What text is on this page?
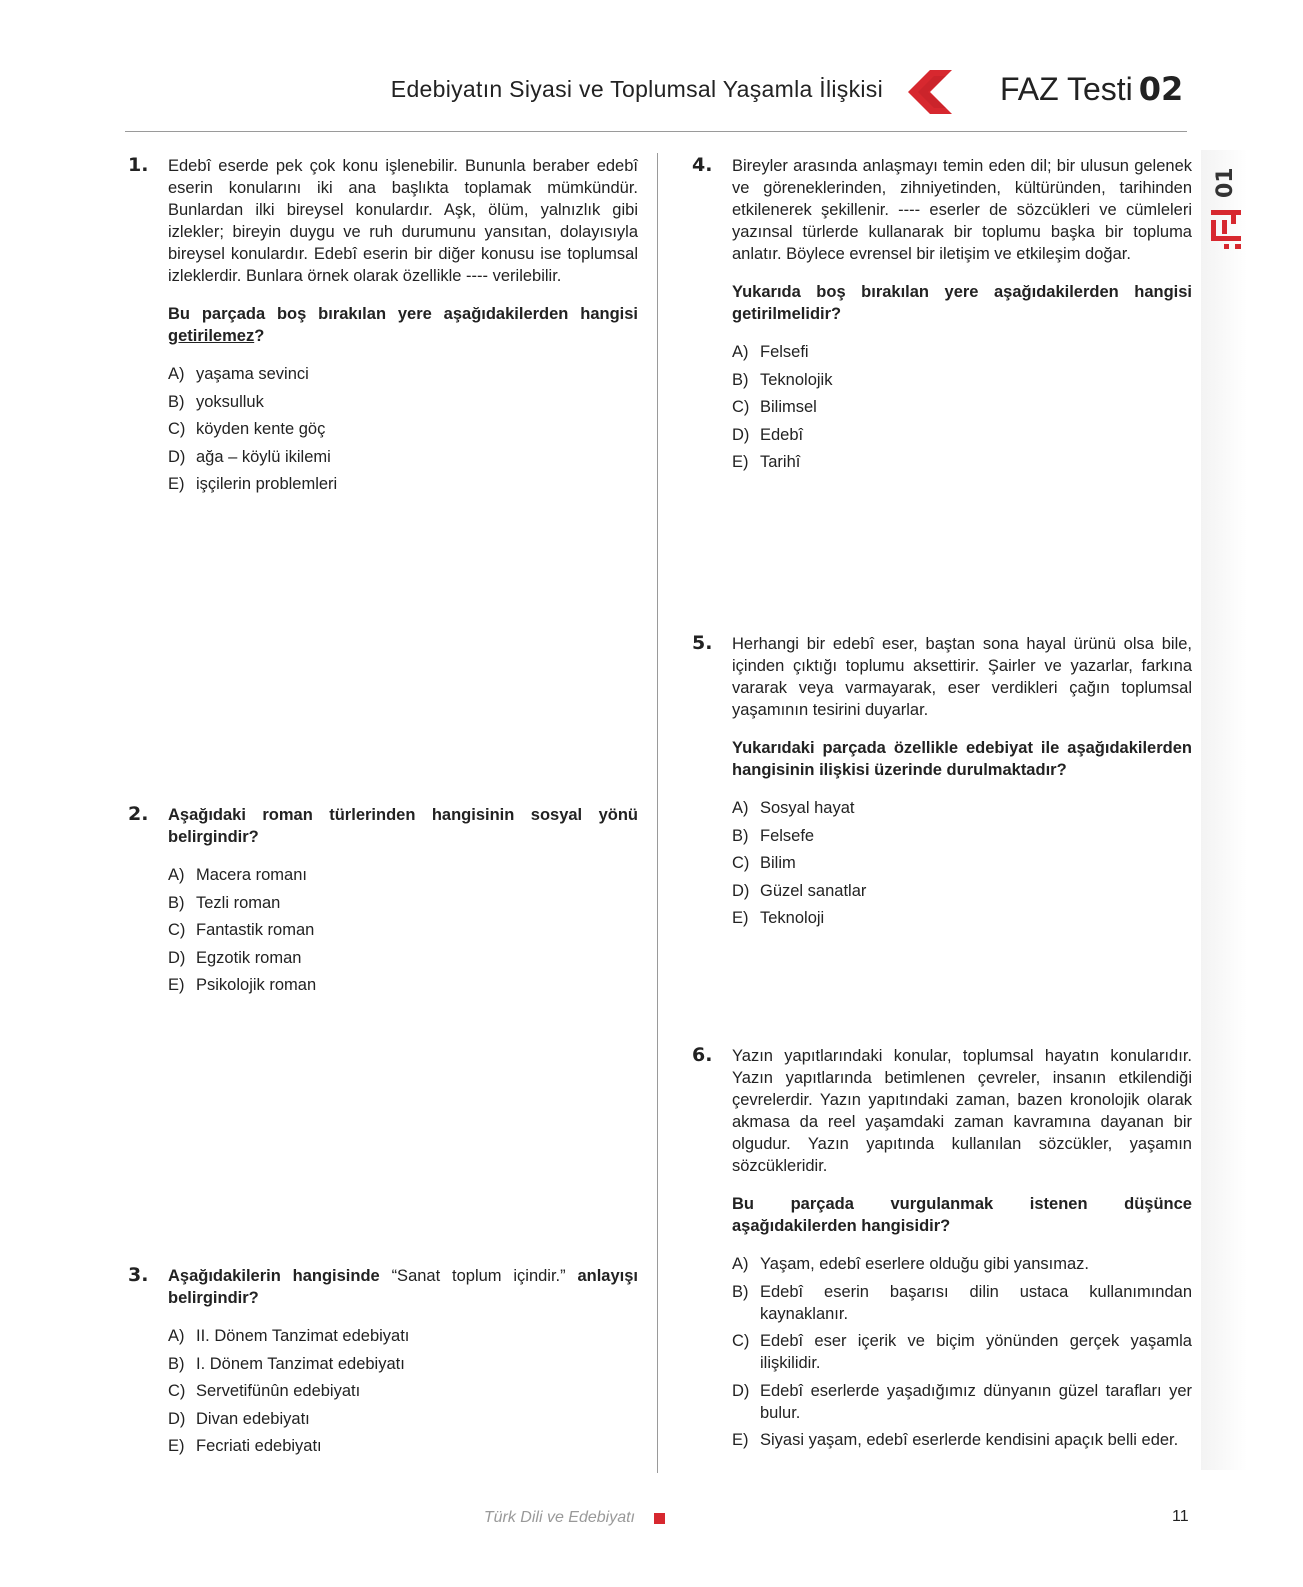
Edebiyatın Siyasi ve Toplumsal Yaşamla İlişkisi	FAZ Testi 02
01
1. Edebî eserde pek çok konu işlenebilir. Bununla beraber edebî eserin konularını iki ana başlıkta toplamak mümkündür. Bunlardan ilki bireysel konulardır. Aşk, ölüm, yalnızlık gibi izlekler; bireyin duygu ve ruh durumunu yansıtan, dolayısıyla bireysel konulardır. Edebî eserin bir diğer konusu ise toplumsal izleklerdir. Bunlara örnek olarak özellikle ---- verilebilir.

Bu parçada boş bırakılan yere aşağıdakilerden hangisi getirilemez?

A) yaşama sevinci
B) yoksulluk
C) köyden kente göç
D) ağa – köylü ikilemi
E) işçilerin problemleri
2. Aşağıdaki roman türlerinden hangisinin sosyal yönü belirgindir?

A) Macera romanı
B) Tezli roman
C) Fantastik roman
D) Egzotik roman
E) Psikolojik roman
3. Aşağıdakilerin hangisinde “Sanat toplum içindir.” anlayışı belirgindir?

A) II. Dönem Tanzimat edebiyatı
B) I. Dönem Tanzimat edebiyatı
C) Servetifünûn edebiyatı
D) Divan edebiyatı
E) Fecriati edebiyatı
4. Bireyler arasında anlaşmayı temin eden dil; bir ulusun gelenek ve göreneklerinden, zihniyetinden, kültüründen, tarihinden etkilenerek şekillenir. ---- eserler de sözcükleri ve cümleleri yazınsal türlerde kullanarak bir toplumu başka bir topluma anlatır. Böylece evrensel bir iletişim ve etkileşim doğar.

Yukarıda boş bırakılan yere aşağıdakilerden hangisi getirilmelidir?

A) Felsefi
B) Teknolojik
C) Bilimsel
D) Edebî
E) Tarihî
5. Herhangi bir edebî eser, baştan sona hayal ürünü olsa bile, içinden çıktığı toplumu aksettirir. Şairler ve yazarlar, farkına vararak veya varmayarak, eser verdikleri çağın toplumsal yaşamının tesirini duyarlar.

Yukarıdaki parçada özellikle edebiyat ile aşağıdakilerden hangisinin ilişkisi üzerinde durulmaktadır?

A) Sosyal hayat
B) Felsefe
C) Bilim
D) Güzel sanatlar
E) Teknoloji
6. Yazın yapıtlarındaki konular, toplumsal hayatın konularıdır. Yazın yapıtlarında betimlenen çevreler, insanın etkilendiği çevrelerdir. Yazın yapıtındaki zaman, bazen kronolojik olarak akmasa da reel yaşamdaki zaman kavramına dayanan bir olgudur. Yazın yapıtında kullanılan sözcükler, yaşamın sözcükleridir.

Bu parçada vurgulanmak istenen düşünce aşağıdakilerden hangisidir?

A) Yaşam, edebî eserlere olduğu gibi yansımaz.
B) Edebî eserin başarısı dilin ustaca kullanımından kaynaklanır.
C) Edebî eser içerik ve biçim yönünden gerçek yaşamla ilişkilidir.
D) Edebî eserlerde yaşadığımız dünyanın güzel tarafları yer bulur.
E) Siyasi yaşam, edebî eserlerde kendisini apaçık belli eder.
Türk Dili ve Edebiyatı	11
